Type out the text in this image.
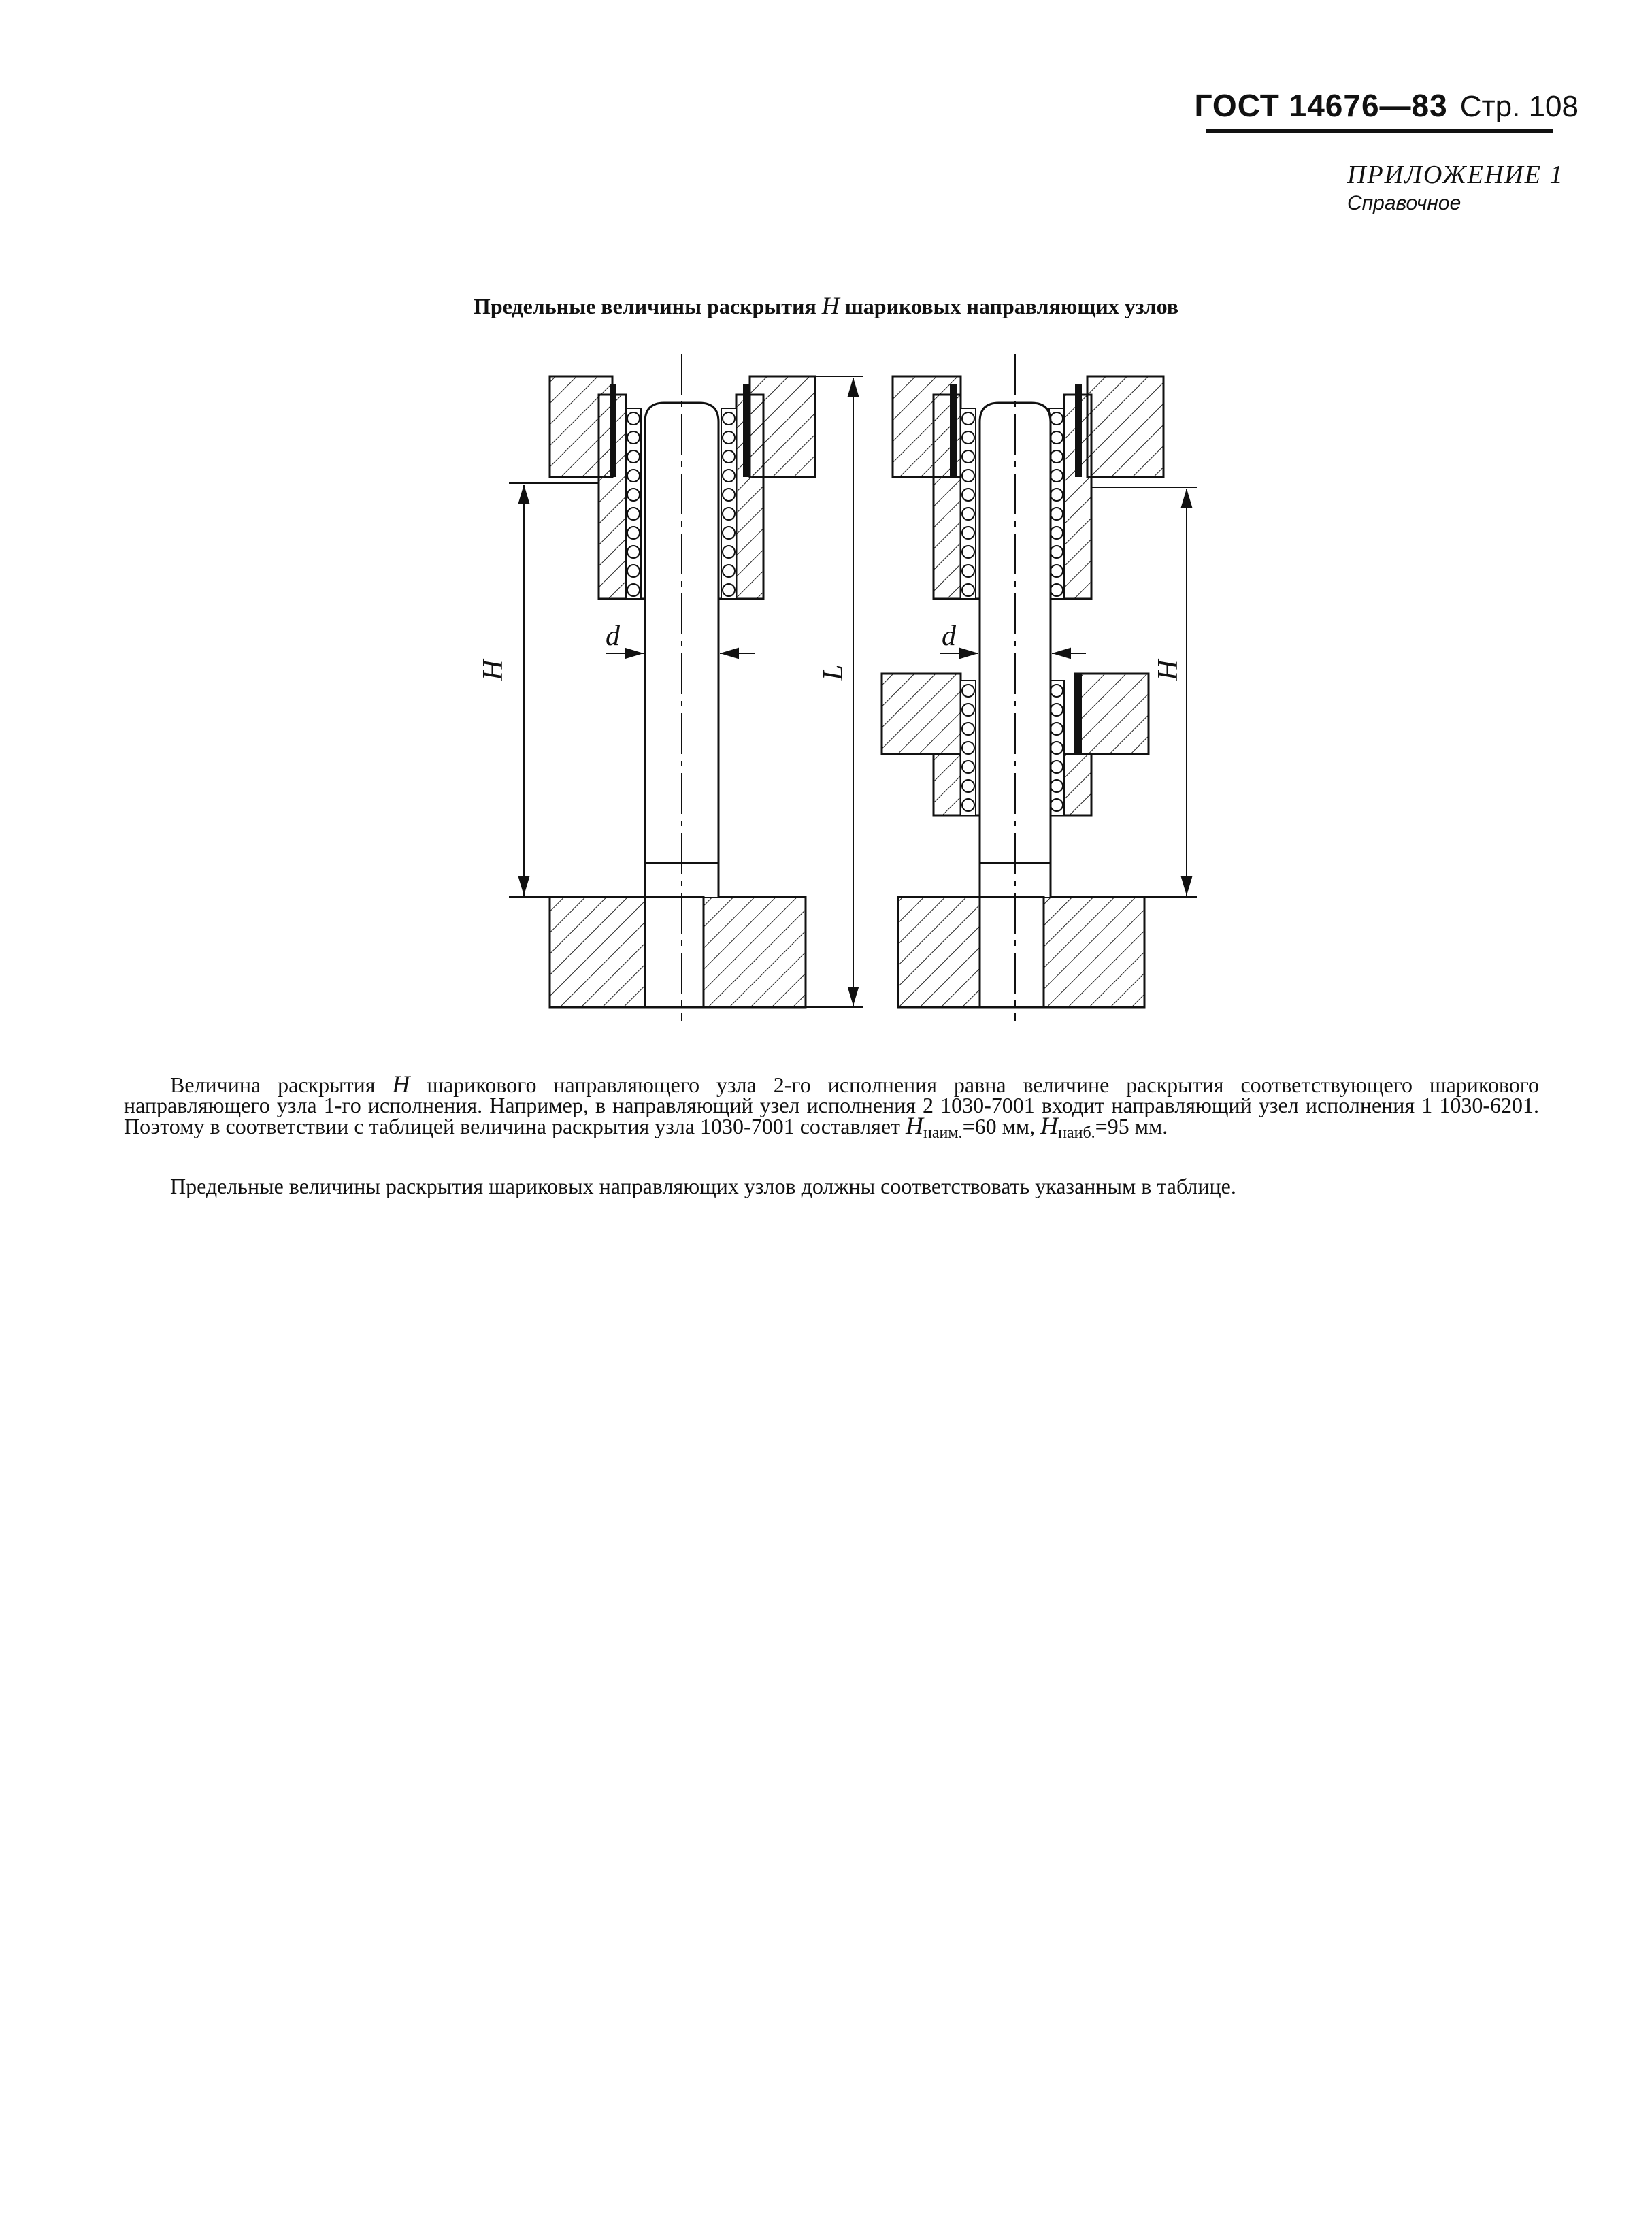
ГОСТ 14676—83 Стр. 108
ПРИЛОЖЕНИЕ 1
Справочное
Предельные величины раскрытия H шариковых направляющих узлов
d	d
H	L	H
Величина раскрытия H шарикового направляющего узла 2-го исполнения равна величине раскрытия соответствующего шарикового направляющего узла 1-го исполнения. Например, в направляющий узел исполнения 2 1030-7001 входит направляющий узел исполнения 1 1030-6201. Поэтому в соответствии с таблицей величина раскрытия узла 1030-7001 составляет $H_{наим.}=60$ мм, $H_{наиб.}=95$ мм.
Предельные величины раскрытия шариковых направляющих узлов должны соответствовать указанным в таблице.
